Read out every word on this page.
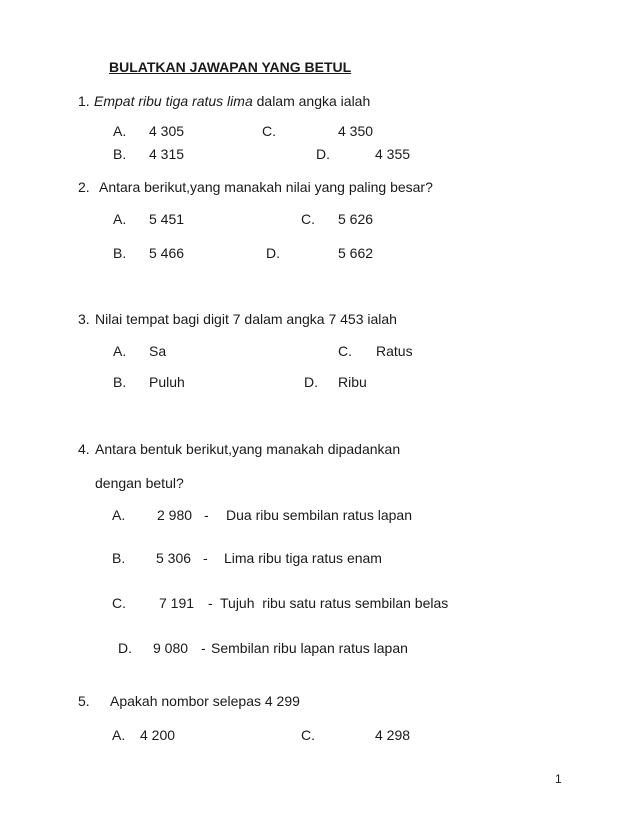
BULATKAN JAWAPAN YANG BETUL
1. Empat ribu tiga ratus lima dalam angka ialah
A. 4 305	C.	4 350
B. 4 315	D.	4 355
2. Antara berikut,yang manakah nilai yang paling besar?
A. 5 451	C. 5 626
B. 5 466	D.	5 662
3. Nilai tempat bagi digit 7 dalam angka 7 453 ialah
A. Sa	C. Ratus
B. Puluh	D. Ribu
4. Antara bentuk berikut,yang manakah dipadankan
dengan betul?
A. 2 980 - Dua ribu sembilan ratus lapan
B. 5 306 - Lima ribu tiga ratus enam
C. 7 191 - Tujuh  ribu satu ratus sembilan belas
D. 9 080 - Sembilan ribu lapan ratus lapan
5. Apakah nombor selepas 4 299
A. 4 200	C.	4 298
1
